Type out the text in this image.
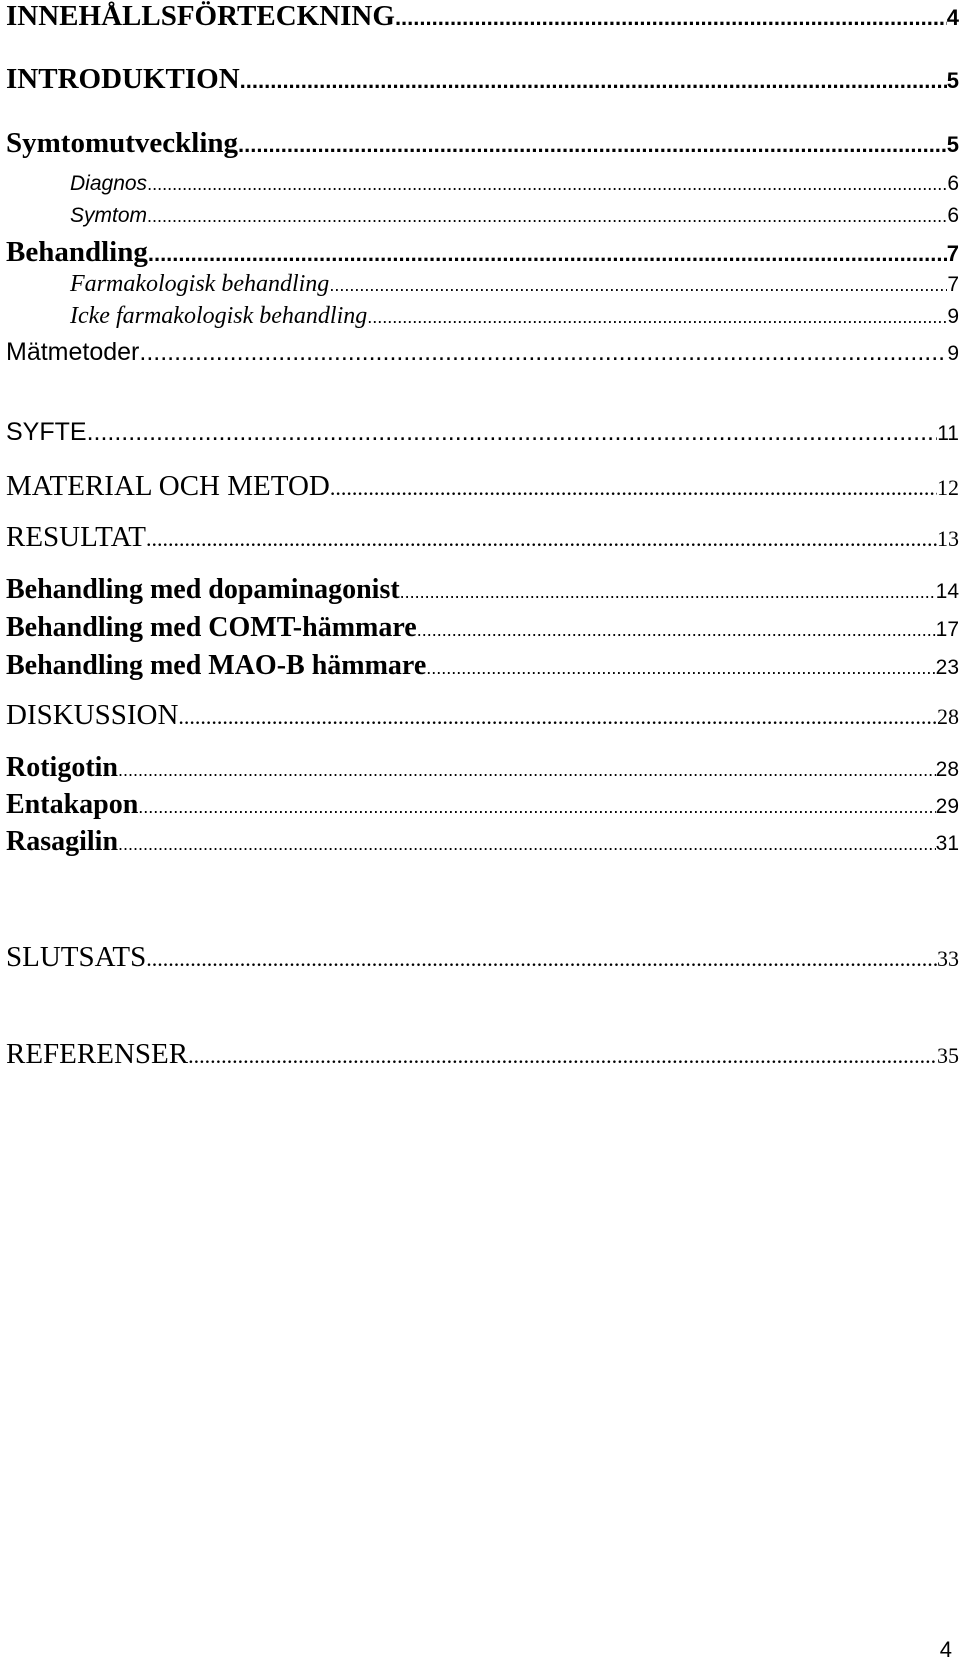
INNEHÅLLSFÖRTECKNING .....	4
INTRODUKTION .....	5
Symtomutveckling .....	5
Diagnos .....	6
Symtom .....	6
Behandling .....	7
Farmakologisk behandling .....	7
Icke farmakologisk behandling .....	9
Mätmetoder .....	9
SYFTE .....	11
MATERIAL OCH METOD .....	12
RESULTAT .....	13
Behandling med dopaminagonist .....	14
Behandling med COMT-hämmare .....	17
Behandling med MAO-B hämmare .....	23
DISKUSSION .....	28
Rotigotin .....	28
Entakapon .....	29
Rasagilin .....	31
SLUTSATS .....	33
REFERENSER .....	35
4
